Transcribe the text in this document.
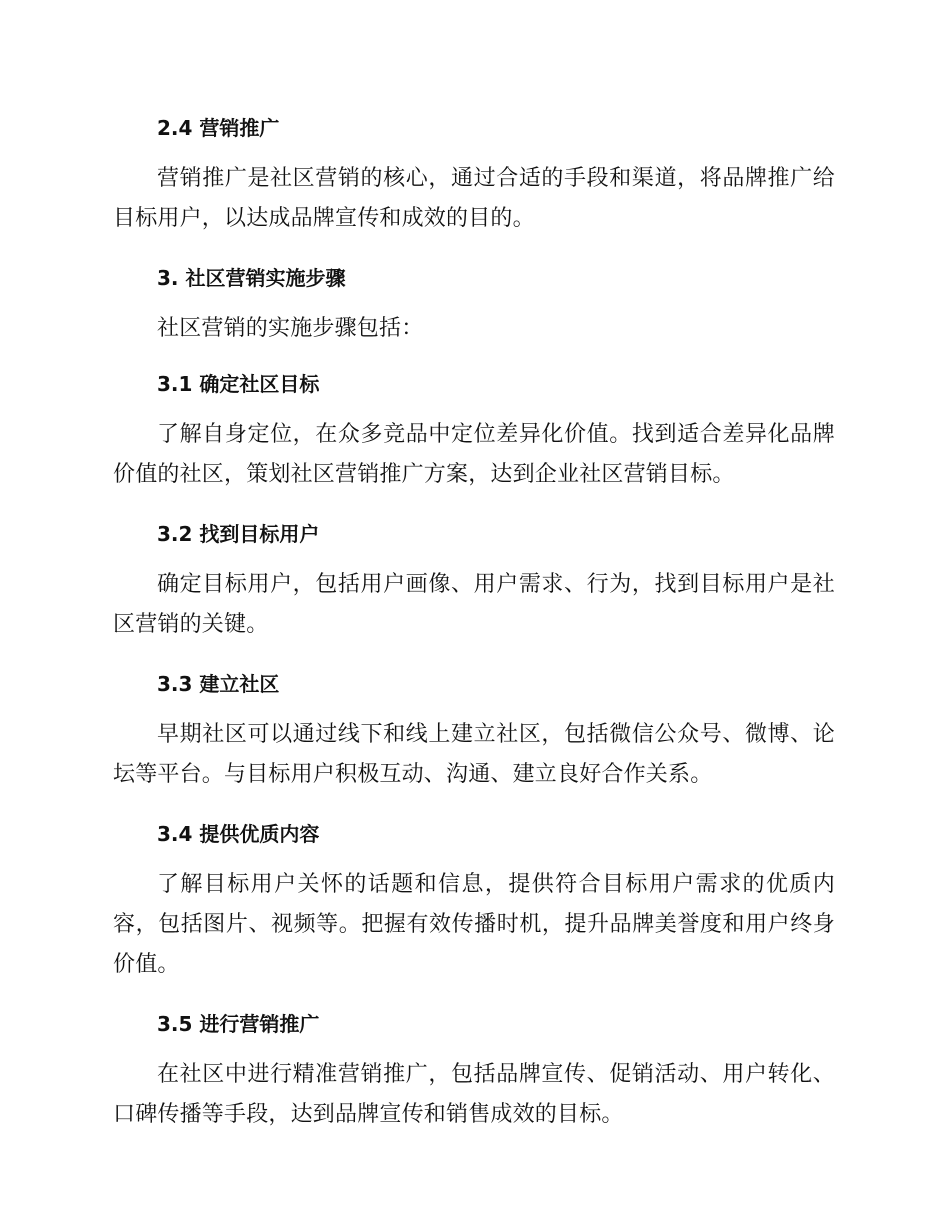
2.4 营销推广

营销推广是社区营销的核心，通过合适的手段和渠道，将品牌推广给目标用户，以达成品牌宣传和成效的目的。

3. 社区营销实施步骤

社区营销的实施步骤包括：

3.1 确定社区目标

了解自身定位，在众多竞品中定位差异化价值。找到适合差异化品牌价值的社区，策划社区营销推广方案，达到企业社区营销目标。

3.2 找到目标用户

确定目标用户，包括用户画像、用户需求、行为，找到目标用户是社区营销的关键。

3.3 建立社区

早期社区可以通过线下和线上建立社区，包括微信公众号、微博、论坛等平台。与目标用户积极互动、沟通、建立良好合作关系。

3.4 提供优质内容

了解目标用户关怀的话题和信息，提供符合目标用户需求的优质内容，包括图片、视频等。把握有效传播时机，提升品牌美誉度和用户终身价值。

3.5 进行营销推广

在社区中进行精准营销推广，包括品牌宣传、促销活动、用户转化、口碑传播等手段，达到品牌宣传和销售成效的目标。
